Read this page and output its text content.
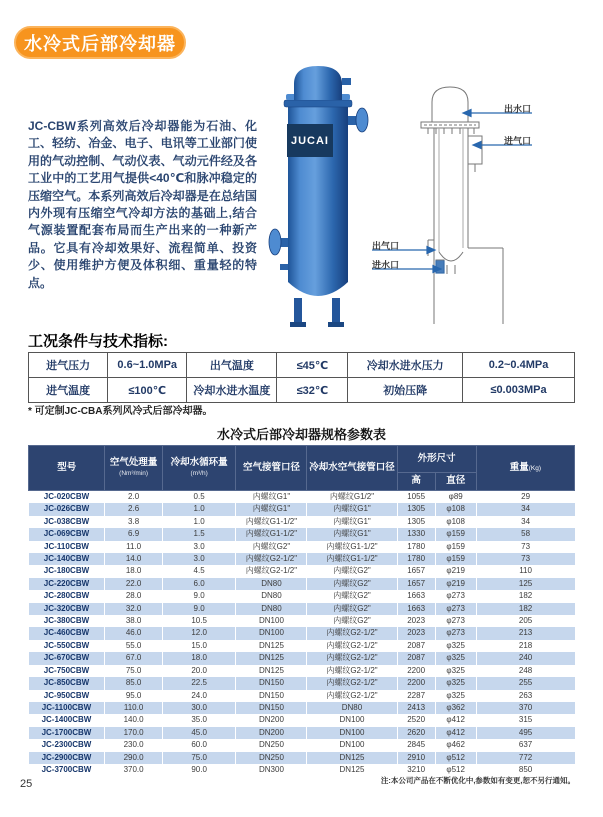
水冷式后部冷却器

JC-CBW系列高效后冷却器能为石油、化工、轻纺、冶金、电子、电讯等工业部门使用的气动控制、气动仪表、气动元件经及各工业中的工艺用气提供<40℃和脉冲稳定的压缩空气。本系列高效后冷却器是在总结国内外现有压缩空气冷却方法的基础上,结合气源装置配套布局而生产出来的一种新产品。它具有冷却效果好、流程简单、投资少、使用维护方便及体积细、重量轻的特点。

JUCAI
出水口
进气口
出气口
进水口
工况条件与技术指标:
进气压力	0.6~1.0MPa	出气温度	≤45℃	冷却水进水压力	0.2~0.4MPa
进气温度	≤100℃	冷却水进水温度	≤32℃	初始压降	≤0.003MPa
* 可定制JC-CBA系列风冷式后部冷却器。
水冷式后部冷却器规格参数表
型号	空气处理量
(Nm³/min)	冷却水循环量
(m³/h)	空气接管口径	冷却水空气接管口径	外形尺寸		重量(Kg)
					高	直径	
JC-020CBW	2.0	0.5	内螺纹G1"	内螺纹G1/2"	1055	φ89	29
JC-026CBW	2.6	1.0	内螺纹G1"	内螺纹G1"	1305	φ108	34
JC-038CBW	3.8	1.0	内螺纹G1-1/2"	内螺纹G1"	1305	φ108	34
JC-069CBW	6.9	1.5	内螺纹G1-1/2"	内螺纹G1"	1330	φ159	58
JC-110CBW	11.0	3.0	内螺纹G2"	内螺纹G1-1/2"	1780	φ159	73
JC-140CBW	14.0	3.0	内螺纹G2-1/2"	内螺纹G1-1/2"	1780	φ159	73
JC-180CBW	18.0	4.5	内螺纹G2-1/2"	内螺纹G2"	1657	φ219	110
JC-220CBW	22.0	6.0	DN80	内螺纹G2"	1657	φ219	125
JC-280CBW	28.0	9.0	DN80	内螺纹G2"	1663	φ273	182
JC-320CBW	32.0	9.0	DN80	内螺纹G2"	1663	φ273	182
JC-380CBW	38.0	10.5	DN100	内螺纹G2"	2023	φ273	205
JC-460CBW	46.0	12.0	DN100	内螺纹G2-1/2"	2023	φ273	213
JC-550CBW	55.0	15.0	DN125	内螺纹G2-1/2"	2087	φ325	218
JC-670CBW	67.0	18.0	DN125	内螺纹G2-1/2"	2087	φ325	240
JC-750CBW	75.0	20.0	DN125	内螺纹G2-1/2"	2200	φ325	248
JC-850CBW	85.0	22.5	DN150	内螺纹G2-1/2"	2200	φ325	255
JC-950CBW	95.0	24.0	DN150	内螺纹G2-1/2"	2287	φ325	263
JC-1100CBW	110.0	30.0	DN150	DN80	2413	φ362	370
JC-1400CBW	140.0	35.0	DN200	DN100	2520	φ412	315
JC-1700CBW	170.0	45.0	DN200	DN100	2620	φ412	495
JC-2300CBW	230.0	60.0	DN250	DN100	2845	φ462	637
JC-2900CBW	290.0	75.0	DN250	DN125	2910	φ512	772
JC-3700CBW	370.0	90.0	DN300	DN125	3210	φ512	850
注:本公司产品在不断优化中,参数如有变更,恕不另行通知。
25
